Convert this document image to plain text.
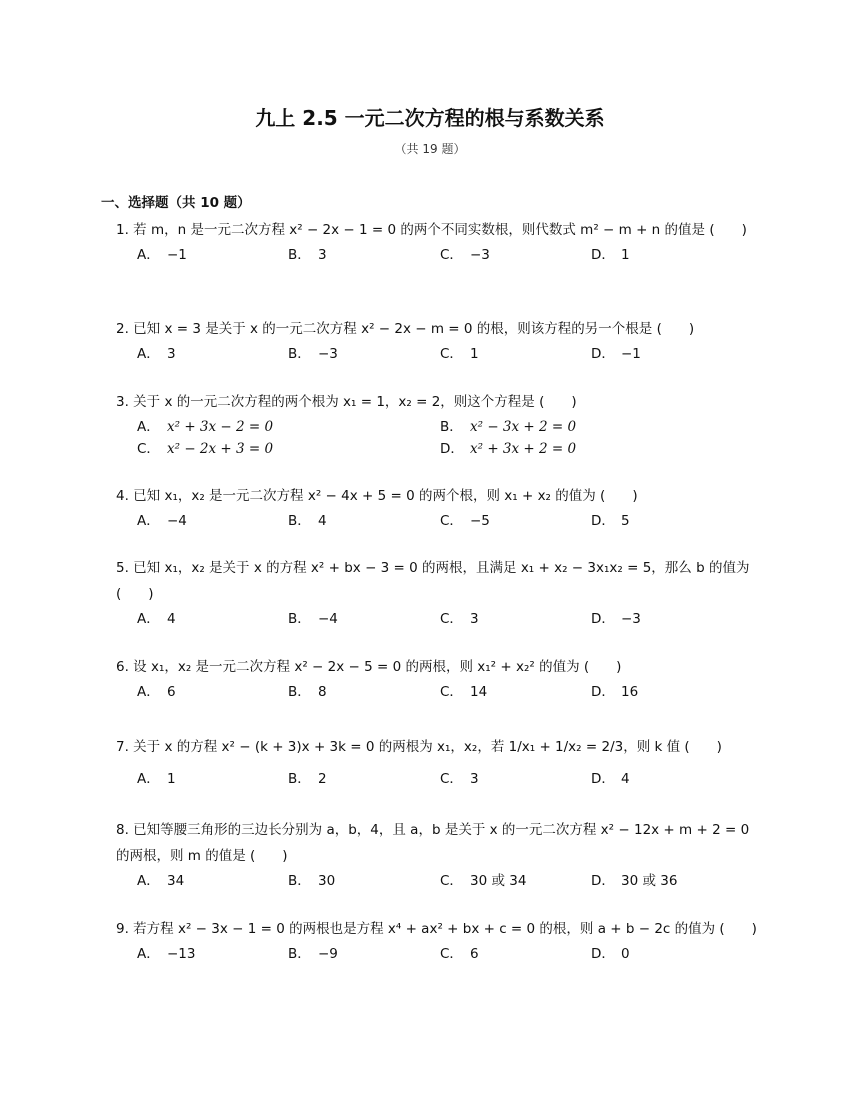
九上 2.5 一元二次方程的根与系数关系
（共 19 题）
一、选择题（共 10 题）
1. 若 m，n 是一元二次方程 x² − 2x − 1 = 0 的两个不同实数根，则代数式 m² − m + n 的值是 (　　)
A． −1	B． 3	C． −3	D． 1
2. 已知 x = 3 是关于 x 的一元二次方程 x² − 2x − m = 0 的根，则该方程的另一个根是 (　　)
A． 3	B． −3	C． 1	D． −1
3. 关于 x 的一元二次方程的两个根为 x₁ = 1，x₂ = 2，则这个方程是 (　　)
A． x² + 3x − 2 = 0	B． x² − 3x + 2 = 0
C． x² − 2x + 3 = 0	D． x² + 3x + 2 = 0
4. 已知 x₁，x₂ 是一元二次方程 x² − 4x + 5 = 0 的两个根，则 x₁ + x₂ 的值为 (　　)
A． −4	B． 4	C． −5	D． 5
5. 已知 x₁，x₂ 是关于 x 的方程 x² + bx − 3 = 0 的两根，且满足 x₁ + x₂ − 3x₁x₂ = 5，那么 b 的值为 (　　)
A． 4	B． −4	C． 3	D． −3
6. 设 x₁，x₂ 是一元二次方程 x² − 2x − 5 = 0 的两根，则 x₁² + x₂² 的值为 (　　)
A． 6	B． 8	C． 14	D． 16
7. 关于 x 的方程 x² − (k + 3)x + 3k = 0 的两根为 x₁，x₂，若 1/x₁ + 1/x₂ = 2/3，则 k 值 (　　)
A． 1	B． 2	C． 3	D． 4
8. 已知等腰三角形的三边长分别为 a，b，4，且 a，b 是关于 x 的一元二次方程 x² − 12x + m + 2 = 0 的两根，则 m 的值是 (　　)
A． 34	B． 30	C． 30 或 34	D． 30 或 36
9. 若方程 x² − 3x − 1 = 0 的两根也是方程 x⁴ + ax² + bx + c = 0 的根，则 a + b − 2c 的值为 (　　)
A． −13	B． −9	C． 6	D． 0
